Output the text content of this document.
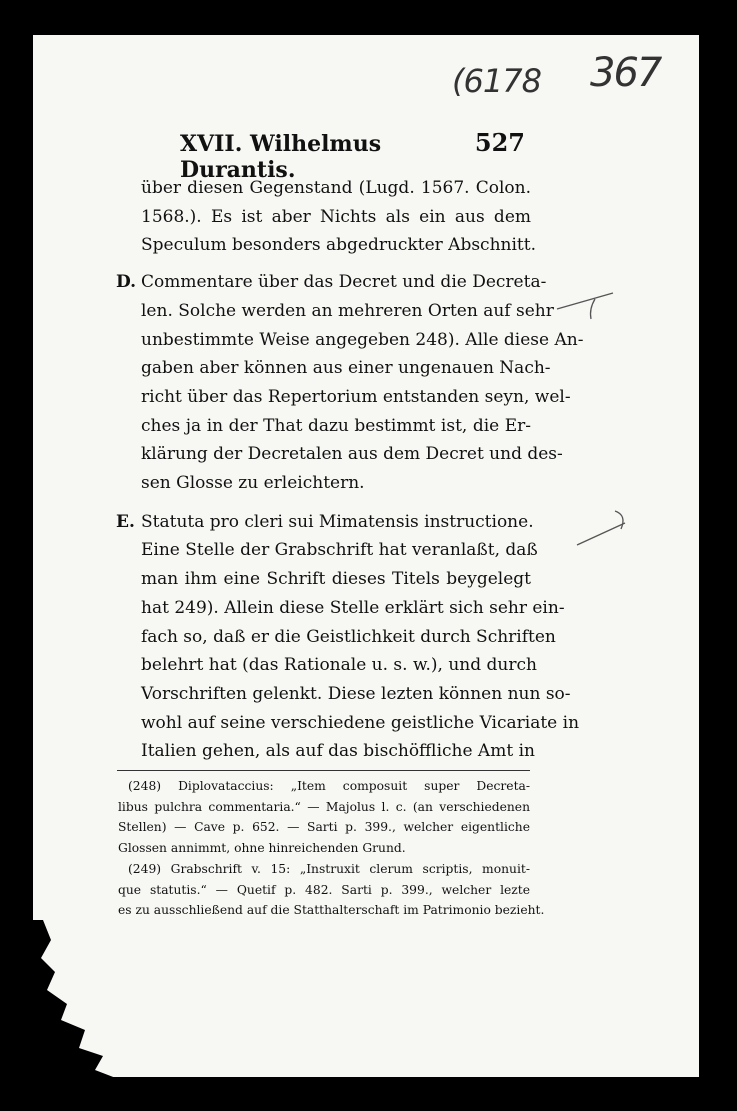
(6178 367
XVII. Wilhelmus Durantis.
527
über diesen Gegenstand (Lugd. 1567. Colon.
1568.). Es ist aber Nichts als ein aus dem
Speculum besonders abgedruckter Abschnitt.
D. Commentare über das Decret und die Decreta-
len. Solche werden an mehreren Orten auf sehr
unbestimmte Weise angegeben 248). Alle diese An-
gaben aber können aus einer ungenauen Nach-
richt über das Repertorium entstanden seyn, wel-
ches ja in der That dazu bestimmt ist, die Er-
klärung der Decretalen aus dem Decret und des-
sen Glosse zu erleichtern.
E. Statuta pro cleri sui Mimatensis instructione.
Eine Stelle der Grabschrift hat veranlaßt, daß
man ihm eine Schrift dieses Titels beygelegt
hat 249). Allein diese Stelle erklärt sich sehr ein-
fach so, daß er die Geistlichkeit durch Schriften
belehrt hat (das Rationale u. s. w.), und durch
Vorschriften gelenkt. Diese lezten können nun so-
wohl auf seine verschiedene geistliche Vicariate in
Italien gehen, als auf das bischöffliche Amt in
(248) Diplovataccius: „Item composuit super Decreta-
libus pulchra commentaria.“ — Majolus l. c. (an verschiedenen
Stellen) — Cave p. 652. — Sarti p. 399., welcher eigentliche
Glossen annimmt, ohne hinreichenden Grund.
(249) Grabschrift v. 15: „Instruxit clerum scriptis, monuit-
que statutis.“ — Quetif p. 482. Sarti p. 399., welcher lezte
es zu ausschließend auf die Statthalterschaft im Patrimonio bezieht.
